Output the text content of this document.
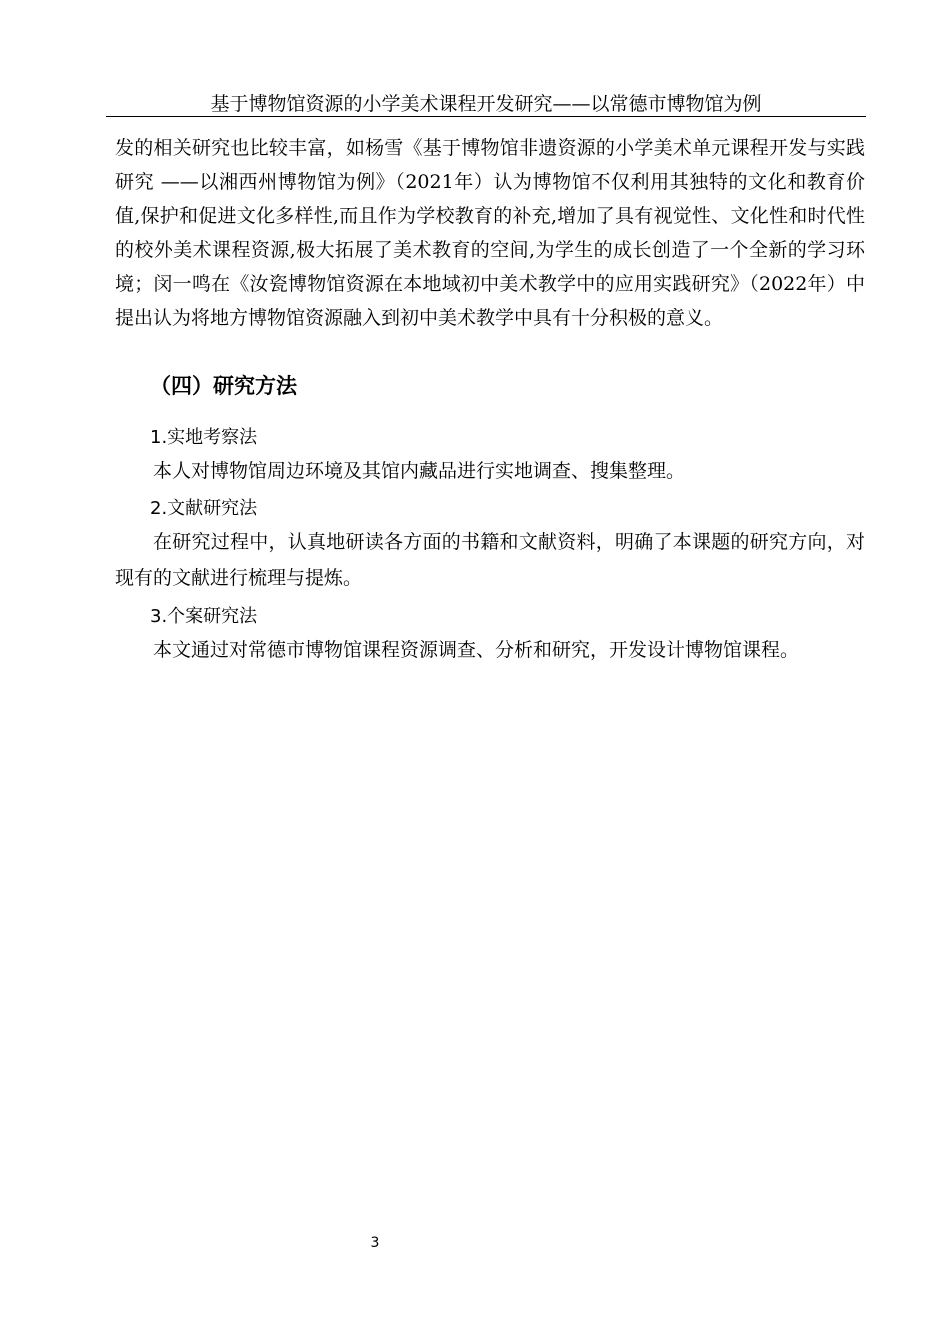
基于博物馆资源的小学美术课程开发研究——以常德市博物馆为例
发的相关研究也比较丰富，如杨雪《基于博物馆非遗资源的小学美术单元课程开发与实践研究 ——以湘西州博物馆为例》（2021年）认为博物馆不仅利用其独特的文化和教育价值,保护和促进文化多样性,而且作为学校教育的补充,增加了具有视觉性、文化性和时代性的校外美术课程资源,极大拓展了美术教育的空间,为学生的成长创造了一个全新的学习环境；闵一鸣在《汝瓷博物馆资源在本地域初中美术教学中的应用实践研究》（2022年）中提出认为将地方博物馆资源融入到初中美术教学中具有十分积极的意义。
（四）研究方法
1.实地考察法
本人对博物馆周边环境及其馆内藏品进行实地调查、搜集整理。
2.文献研究法
在研究过程中，认真地研读各方面的书籍和文献资料，明确了本课题的研究方向，对现有的文献进行梳理与提炼。
3.个案研究法
本文通过对常德市博物馆课程资源调查、分析和研究，开发设计博物馆课程。
3
